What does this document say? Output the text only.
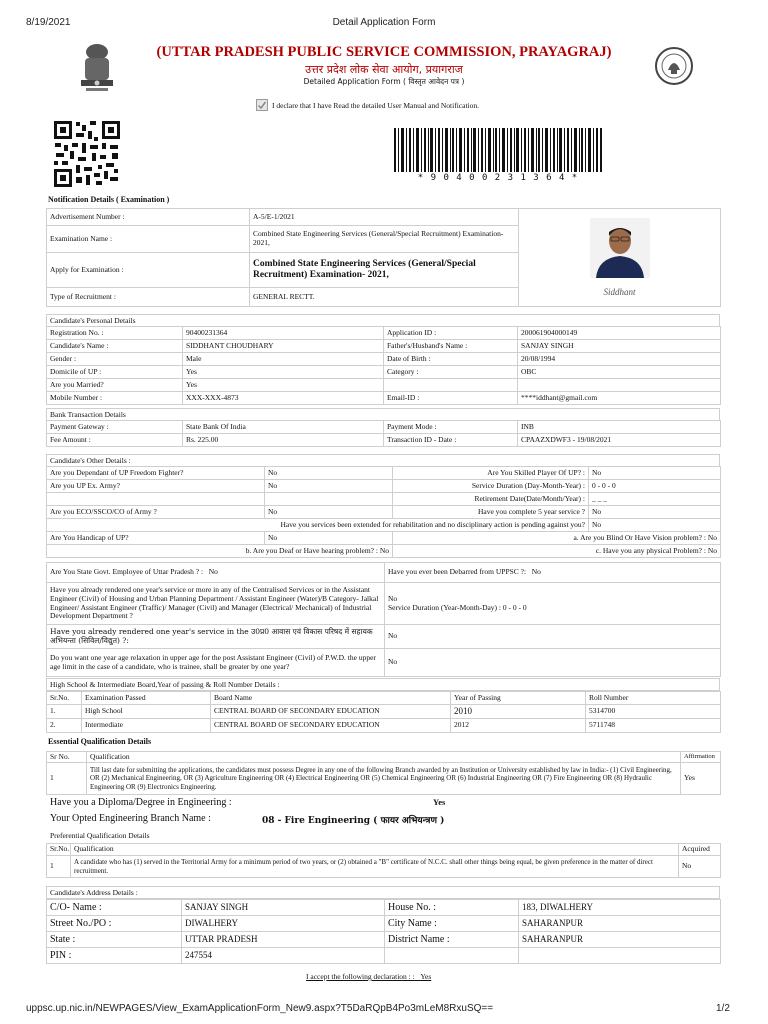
8/19/2021	Detail Application Form
(UTTAR PRADESH PUBLIC SERVICE COMMISSION, PRAYAGRAJ)
उत्तर प्रदेश लोक सेवा आयोग, प्रयागराज
Detailed Application Form ( विस्तृत आवेदन पत्र )
I declare that I have Read the detailed User Manual and Notification.
* 9 0 4 0 0 2 3 1 3 6 4 *
Notification Details ( Examination )
Advertisement Number :	A-5/E-1/2021	Siddhant

Examination Name :	Combined State Engineering Services (General/Special Recruitment) Examination- 2021,	
Apply for Examination :	Combined State Engineering Services (General/Special Recruitment) Examination- 2021,	
Type of Recruitment :	GENERAL RECTT.	
Candidate's Personal Details
Registration No. :	90400231364	Application ID :	200061904000149
Candidate's Name :	SIDDHANT CHOUDHARY	Father's/Husband's Name :	SANJAY SINGH
Gender :	Male	Date of Birth :	20/08/1994
Domicile of UP :	Yes	Category :	OBC
Are you Married?	Yes		
Mobile Number :	XXX-XXX-4873	Email-ID :	****iddhant@gmail.com
Bank Transaction Details
Payment Gateway :	State Bank Of India	Payment Mode :	INB
Fee Amount :	Rs. 225.00	Transaction ID - Date :	CPAAZXDWF3 - 19/08/2021
Candidate's Other Details :
Are you Dependant of UP Freedom Fighter?	No	Are You Skilled Player Of UP? :	No
Are you UP Ex. Army?	No	Service Duration (Day-Month-Year) :	0 - 0 - 0
		Retirement Date(Date/Month/Year) :	_ _ _
Are you ECO/SSCO/CO of Army ?	No	Have you complete 5 year service ?	No
Have you services been extended for rehabilitation and no disciplinary action is pending against you?			No
Are You Handicap of UP?	No	a. Are you Blind Or Have Vision problem? : No	
b. Are you Deaf or Have hearing problem? : No		c. Have you any physical Problem? : No	
Are You State Govt. Employee of Uttar Pradesh ? : No	Have you ever been Debarred from UPPSC ?: No
Have you already rendered one year's service or more in any of the Centralised Services or in the Assistant Engineer (Civil) of Housing and Urban Planning Department / Assistant Engineer (Water)/B Category- Jalkal Engineer/ Assistant Engineer (Traffic)/ Manager (Civil) and Manager (Electrical/ Mechanical) of Industrial Development Department ?	No
Service Duration (Year-Month-Day) : 0 - 0 - 0

Have you already rendered one year's service in the उ0प्र0 आवास एवं विकास परिषद में सहायक अभियन्ता (सिविल/विद्युत) ?:	No
Do you want one year age relaxation in upper age for the post Assistant Engineer (Civil) of P.W.D. the upper age limit in the case of a candidate, who is trainee, shall be greater by one year?	No
High School & Intermediate Board,Year of passing & Roll Number Details :
Sr.No.	Examination Passed	Board Name	Year of Passing	Roll Number
1.	High School	CENTRAL BOARD OF SECONDARY EDUCATION	2010	5314700
2.	Intermediate	CENTRAL BOARD OF SECONDARY EDUCATION	2012	5711748
Essential Qualification Details
Sr No.	Qualification	Affirmation
1	Till last date for submitting the applications, the candidates must possess Degree in any one of the following Branch awarded by an Institution or University established by law in India:- (1) Civil Engineering, OR (2) Mechanical Engineering, OR (3) Agriculture Engineering OR (4) Electrical Engineering OR (5) Chemical Engineering OR (6) Industrial Engineering OR (7) Fire Engineering OR (8) Hydraulic Engineering OR (9) Electronics Engineering.	Yes
Have you a Diploma/Degree in Engineering :	Yes
Your Opted Engineering Branch Name :	08 - Fire Engineering ( फायर अभियन्त्रण )
Preferential Qualification Details
Sr.No.	Qualification	Acquired
1	A candidate who has (1) served in the Territorial Army for a minimum period of two years, or (2) obtained a "B" certificate of N.C.C. shall other things being equal, be given preference in the matter of direct recruitment.	No
Candidate's Address Details :
C/O- Name :	SANJAY SINGH	House No. :	183, DIWALHERY
Street No./PO :	DIWALHERY	City Name :	SAHARANPUR
State :	UTTAR PRADESH	District Name :	SAHARANPUR
PIN :	247554		
I accept the following declaration : : Yes
uppsc.up.nic.in/NEWPAGES/View_ExamApplicationForm_New9.aspx?T5DaRQpB4Po3mLeM8RxuSQ==	1/2
